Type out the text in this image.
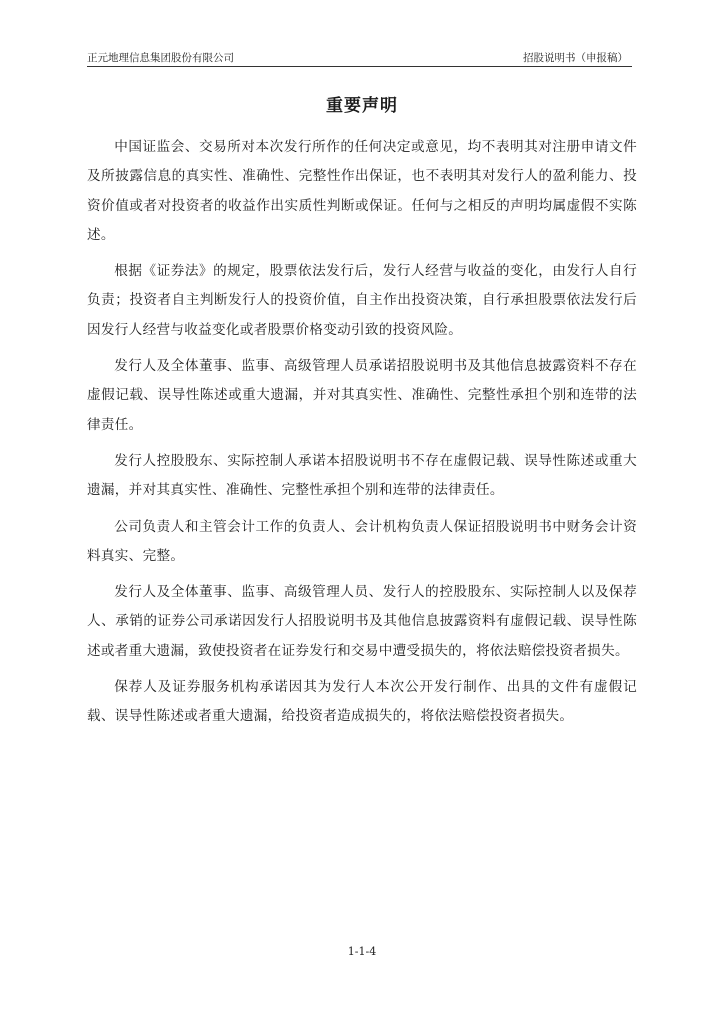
正元地理信息集团股份有限公司	招股说明书（申报稿）
重要声明

中国证监会、交易所对本次发行所作的任何决定或意见，均不表明其对注册申请文件及所披露信息的真实性、准确性、完整性作出保证，也不表明其对发行人的盈利能力、投资价值或者对投资者的收益作出实质性判断或保证。任何与之相反的声明均属虚假不实陈述。

根据《证券法》的规定，股票依法发行后，发行人经营与收益的变化，由发行人自行负责；投资者自主判断发行人的投资价值，自主作出投资决策，自行承担股票依法发行后因发行人经营与收益变化或者股票价格变动引致的投资风险。

发行人及全体董事、监事、高级管理人员承诺招股说明书及其他信息披露资料不存在虚假记载、误导性陈述或重大遗漏，并对其真实性、准确性、完整性承担个别和连带的法律责任。

发行人控股股东、实际控制人承诺本招股说明书不存在虚假记载、误导性陈述或重大遗漏，并对其真实性、准确性、完整性承担个别和连带的法律责任。

公司负责人和主管会计工作的负责人、会计机构负责人保证招股说明书中财务会计资料真实、完整。

发行人及全体董事、监事、高级管理人员、发行人的控股股东、实际控制人以及保荐人、承销的证券公司承诺因发行人招股说明书及其他信息披露资料有虚假记载、误导性陈述或者重大遗漏，致使投资者在证券发行和交易中遭受损失的，将依法赔偿投资者损失。

保荐人及证券服务机构承诺因其为发行人本次公开发行制作、出具的文件有虚假记载、误导性陈述或者重大遗漏，给投资者造成损失的，将依法赔偿投资者损失。

1-1-4
